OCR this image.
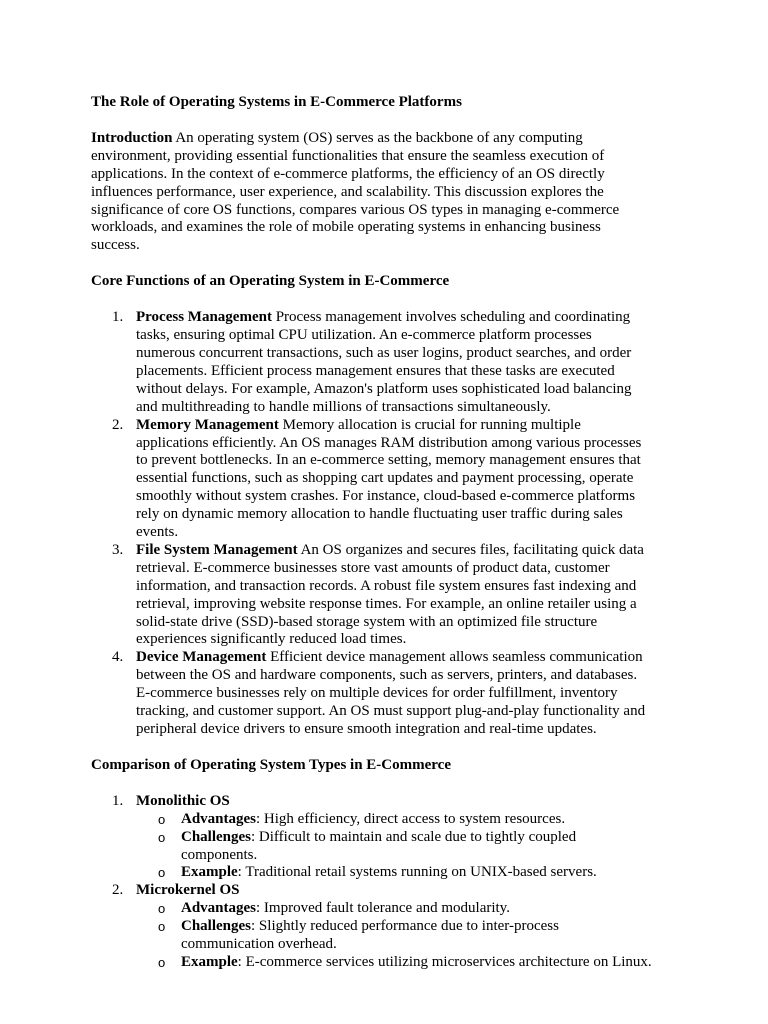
The Role of Operating Systems in E-Commerce Platforms

Introduction An operating system (OS) serves as the backbone of any computing environment, providing essential functionalities that ensure the seamless execution of applications. In the context of e-commerce platforms, the efficiency of an OS directly influences performance, user experience, and scalability. This discussion explores the significance of core OS functions, compares various OS types in managing e-commerce workloads, and examines the role of mobile operating systems in enhancing business success.

Core Functions of an Operating System in E-Commerce
1. Process Management Process management involves scheduling and coordinating tasks, ensuring optimal CPU utilization. An e-commerce platform processes numerous concurrent transactions, such as user logins, product searches, and order placements. Efficient process management ensures that these tasks are executed without delays. For example, Amazon's platform uses sophisticated load balancing and multithreading to handle millions of transactions simultaneously.
2. Memory Management Memory allocation is crucial for running multiple applications efficiently. An OS manages RAM distribution among various processes to prevent bottlenecks. In an e-commerce setting, memory management ensures that essential functions, such as shopping cart updates and payment processing, operate smoothly without system crashes. For instance, cloud-based e-commerce platforms rely on dynamic memory allocation to handle fluctuating user traffic during sales events.
3. File System Management An OS organizes and secures files, facilitating quick data retrieval. E-commerce businesses store vast amounts of product data, customer information, and transaction records. A robust file system ensures fast indexing and retrieval, improving website response times. For example, an online retailer using a solid-state drive (SSD)-based storage system with an optimized file structure experiences significantly reduced load times.
4. Device Management Efficient device management allows seamless communication between the OS and hardware components, such as servers, printers, and databases. E-commerce businesses rely on multiple devices for order fulfillment, inventory tracking, and customer support. An OS must support plug-and-play functionality and peripheral device drivers to ensure smooth integration and real-time updates.
Comparison of Operating System Types in E-Commerce
1. Monolithic OS
o Advantages: High efficiency, direct access to system resources.
o Challenges: Difficult to maintain and scale due to tightly coupled components.
o Example: Traditional retail systems running on UNIX-based servers.
2. Microkernel OS
o Advantages: Improved fault tolerance and modularity.
o Challenges: Slightly reduced performance due to inter-process communication overhead.
o Example: E-commerce services utilizing microservices architecture on Linux.
